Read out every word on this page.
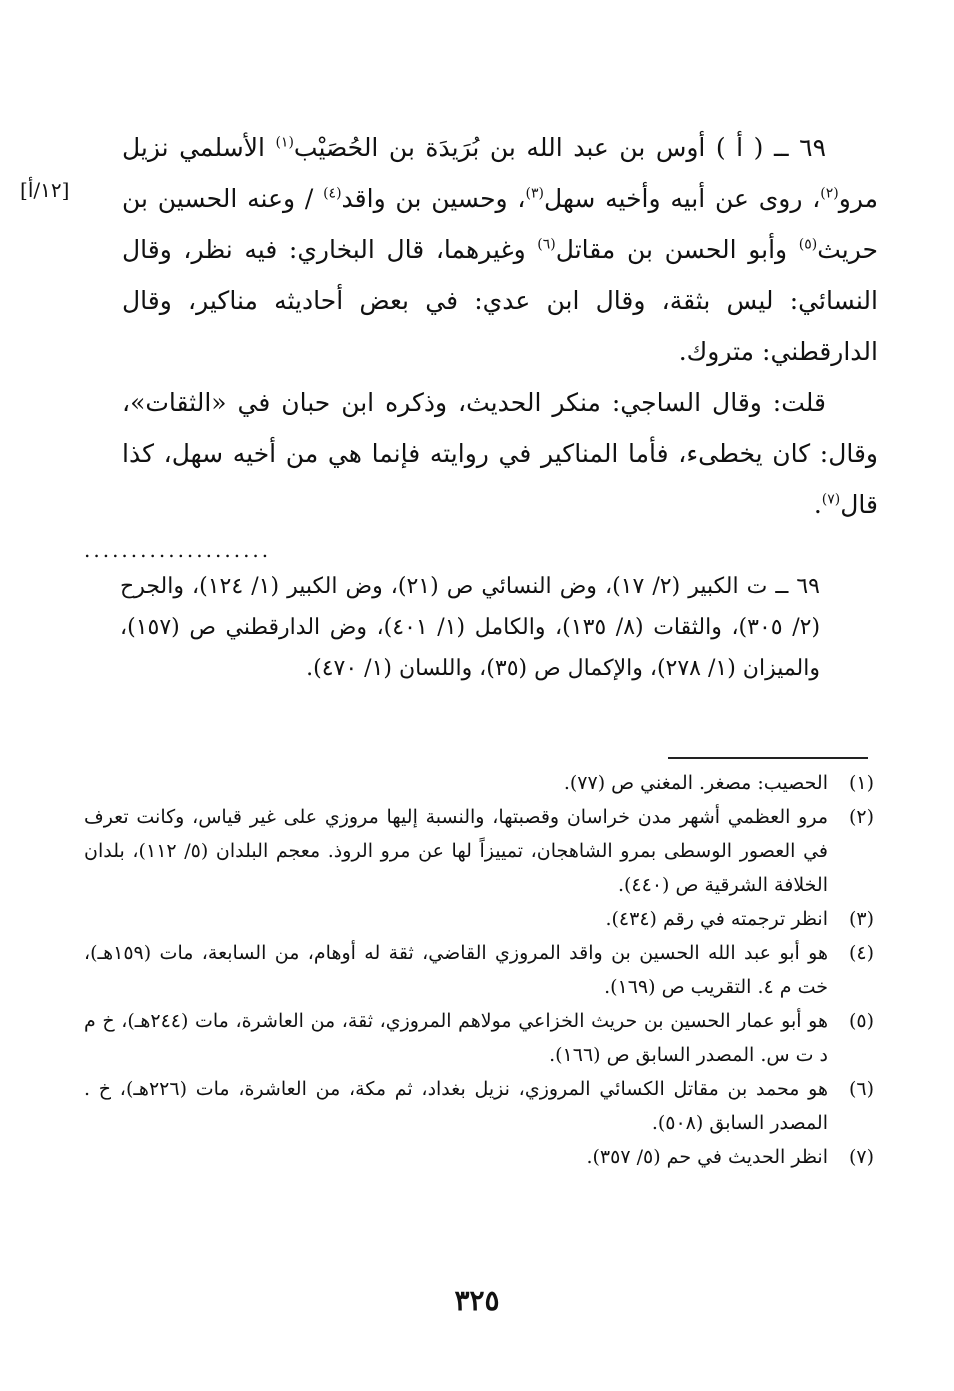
[١٢/أ]

٦٩ ــ ( أ ) أوس بن عبد الله بن بُرَيدَة بن الحُصَيْب$^{(١)}$ الأسلمي نزيل مرو$^{(٢)}$، روى عن أبيه وأخيه سهل$^{(٣)}$، وحسين بن واقد$^{(٤)}$ / وعنه الحسين بن حريث$^{(٥)}$ وأبو الحسن بن مقاتل$^{(٦)}$ وغيرهما، قال البخاري: فيه نظر، وقال النسائي: ليس بثقة، وقال ابن عدي: في بعض أحاديثه مناكير، وقال الدارقطني: متروك.

قلت: وقال الساجي: منكر الحديث، وذكره ابن حبان في «الثقات»، وقال: كان يخطىء، فأما المناكير في روايته فإنما هي من أخيه سهل، كذا قال$^{(٧)}$.

....................

٦٩ ــ ت الكبير (٢/ ١٧)، وض النسائي ص (٢١)، وض الكبير (١/ ١٢٤)، والجرح (٢/ ٣٠٥)، والثقات (٨/ ١٣٥)، والكامل (١/ ٤٠١)، وض الدارقطني ص (١٥٧)، والميزان (١/ ٢٧٨)، والإكمال ص (٣٥)، واللسان (١/ ٤٧٠).

(١)
الحصيب: مصغر. المغني ص (٧٧).
(٢)
مرو العظمي أشهر مدن خراسان وقصبتها، والنسبة إليها مروزي على غير قياس، وكانت تعرف في العصور الوسطى بمرو الشاهجان، تمييزاً لها عن مرو الروذ. معجم البلدان (٥/ ١١٢)، بلدان الخلافة الشرقية ص (٤٤٠).
(٣)
انظر ترجمته في رقم (٤٣٤).
(٤)
هو أبو عبد الله الحسين بن واقد المروزي القاضي، ثقة له أوهام، من السابعة، مات (١٥٩هـ)، خت م ٤. التقريب ص (١٦٩).
(٥)
هو أبو عمار الحسين بن حريث الخزاعي مولاهم المروزي، ثقة، من العاشرة، مات (٢٤٤هـ)، خ م د ت س. المصدر السابق ص (١٦٦).
(٦)
هو محمد بن مقاتل الكسائي المروزي، نزيل بغداد، ثم مكة، من العاشرة، مات (٢٢٦هـ)، خ . المصدر السابق (٥٠٨).
(٧)
انظر الحديث في حم (٥/ ٣٥٧).
٣٢٥
